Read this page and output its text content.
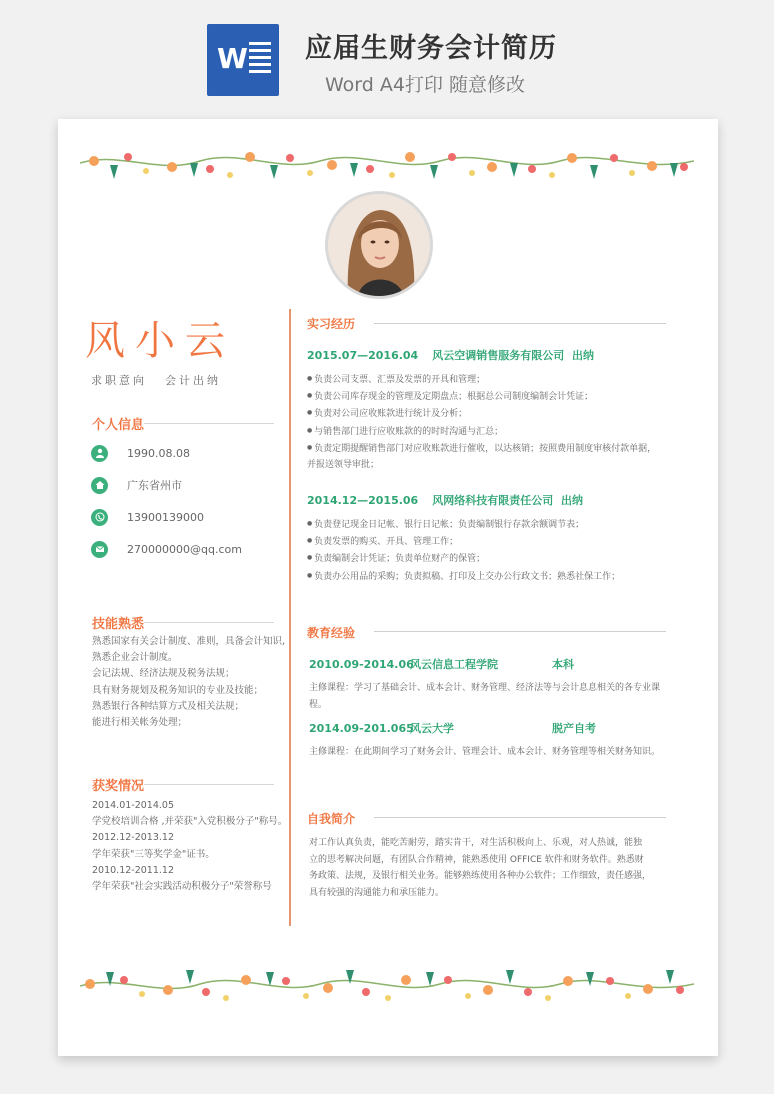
W 应届生财务会计简历
Word A4打印 随意修改
风小云
求职意向 会计出纳
个人信息
1990.08.08
广东省州市
13900139000
270000000@qq.com
技能熟悉
熟悉国家有关会计制度、准则，具备会计知识,
熟悉企业会计制度。
会记法规、经济法规及税务法规；
具有财务规划及税务知识的专业及技能；
熟悉银行各种结算方式及相关法规；
能进行相关帐务处理；
获奖情况
2014.01-2014.05
学党校培训合格 ,并荣获"入党积极分子"称号。
2012.12-2013.12
学年荣获"三等奖学金"证书。
2010.12-2011.12
学年荣获"社会实践活动积极分子"荣誉称号
实习经历
2015.07—2016.04 风云空调销售服务有限公司 出纳
● 负责公司支票、汇票及发票的开具和管理；
● 负责公司库存现金的管理及定期盘点；根据总公司制度编制会计凭证；
● 负责对公司应收账款进行统计及分析；
● 与销售部门进行应收账款的的时时沟通与汇总；
● 负责定期提醒销售部门对应收账款进行催收，以达核销；按照费用制度审核付款单据，
并报送领导审批；
2014.12—2015.06 风网络科技有限责任公司 出纳
● 负责登记现金日记帐、银行日记帐；负责编制银行存款余额调节表；
● 负责发票的购买、开具、管理工作；
● 负责编制会计凭证；负责单位财产的保管；
● 负责办公用品的采购；负责拟稿、打印及上交办公行政文书；熟悉社保工作；
教育经验
2010.09-2014.06风云信息工程学院	本科
主修课程：学习了基础会计、成本会计、财务管理、经济法等与会计息息相关的各专业课程。
2014.09-201.065风云大学	脱产自考
主修课程：在此期间学习了财务会计、管理会计、成本会计、财务管理等相关财务知识。
自我简介
对工作认真负责，能吃苦耐劳，踏实肯干，对生活积极向上、乐观，对人热诚，能独
立的思考解决问题，有团队合作精神，能熟悉使用 OFFICE 软件和财务软件。熟悉财
务政策、法规，及银行相关业务。能够熟练使用各种办公软件；工作细致，责任感强，
具有较强的沟通能力和承压能力。
